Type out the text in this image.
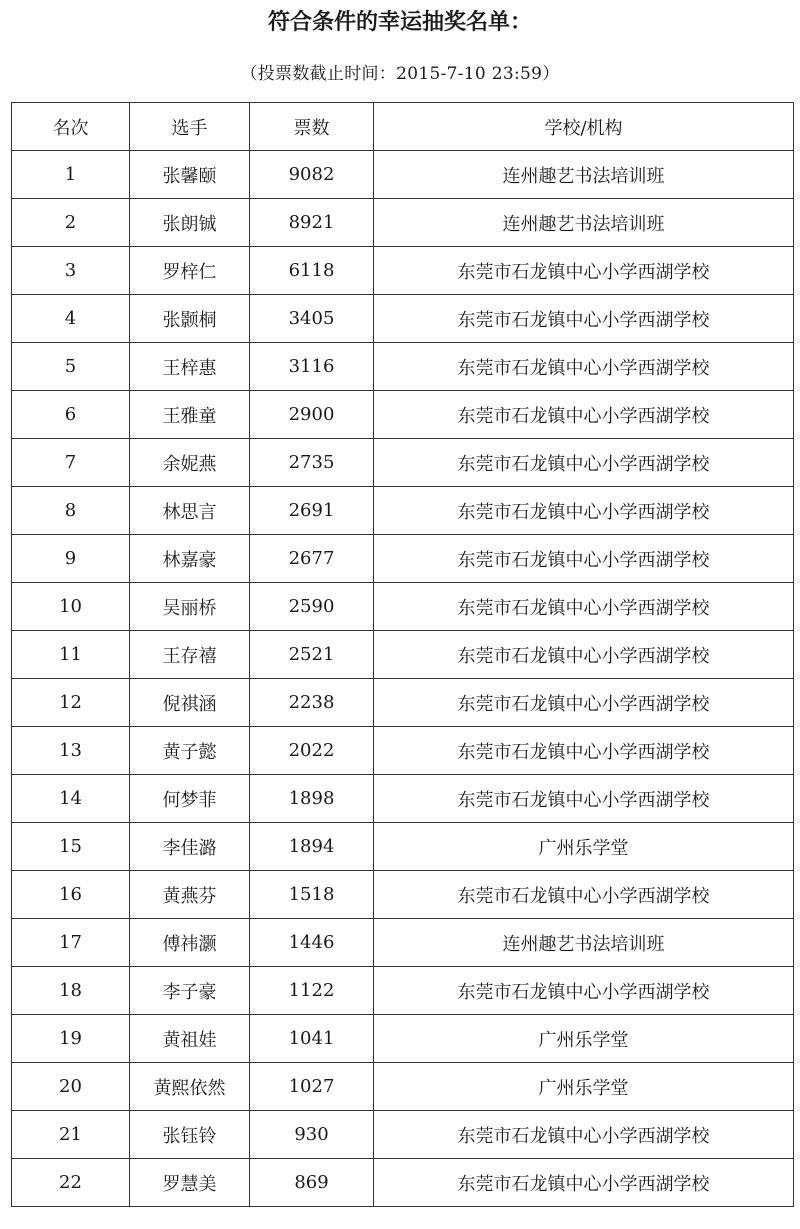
符合条件的幸运抽奖名单：
（投票数截止时间：2015-7-10 23:59）
名次	选手	票数	学校/机构
1	张馨颐	9082	连州趣艺书法培训班
2	张朗铖	8921	连州趣艺书法培训班
3	罗梓仁	6118	东莞市石龙镇中心小学西湖学校
4	张颢桐	3405	东莞市石龙镇中心小学西湖学校
5	王梓惠	3116	东莞市石龙镇中心小学西湖学校
6	王雅童	2900	东莞市石龙镇中心小学西湖学校
7	余妮燕	2735	东莞市石龙镇中心小学西湖学校
8	林思言	2691	东莞市石龙镇中心小学西湖学校
9	林嘉豪	2677	东莞市石龙镇中心小学西湖学校
10	吴丽桥	2590	东莞市石龙镇中心小学西湖学校
11	王存禧	2521	东莞市石龙镇中心小学西湖学校
12	倪祺涵	2238	东莞市石龙镇中心小学西湖学校
13	黄子懿	2022	东莞市石龙镇中心小学西湖学校
14	何梦菲	1898	东莞市石龙镇中心小学西湖学校
15	李佳潞	1894	广州乐学堂
16	黄燕芬	1518	东莞市石龙镇中心小学西湖学校
17	傅祎灏	1446	连州趣艺书法培训班
18	李子豪	1122	东莞市石龙镇中心小学西湖学校
19	黄祖娃	1041	广州乐学堂
20	黄熙依然	1027	广州乐学堂
21	张钰铃	930	东莞市石龙镇中心小学西湖学校
22	罗慧美	869	东莞市石龙镇中心小学西湖学校
